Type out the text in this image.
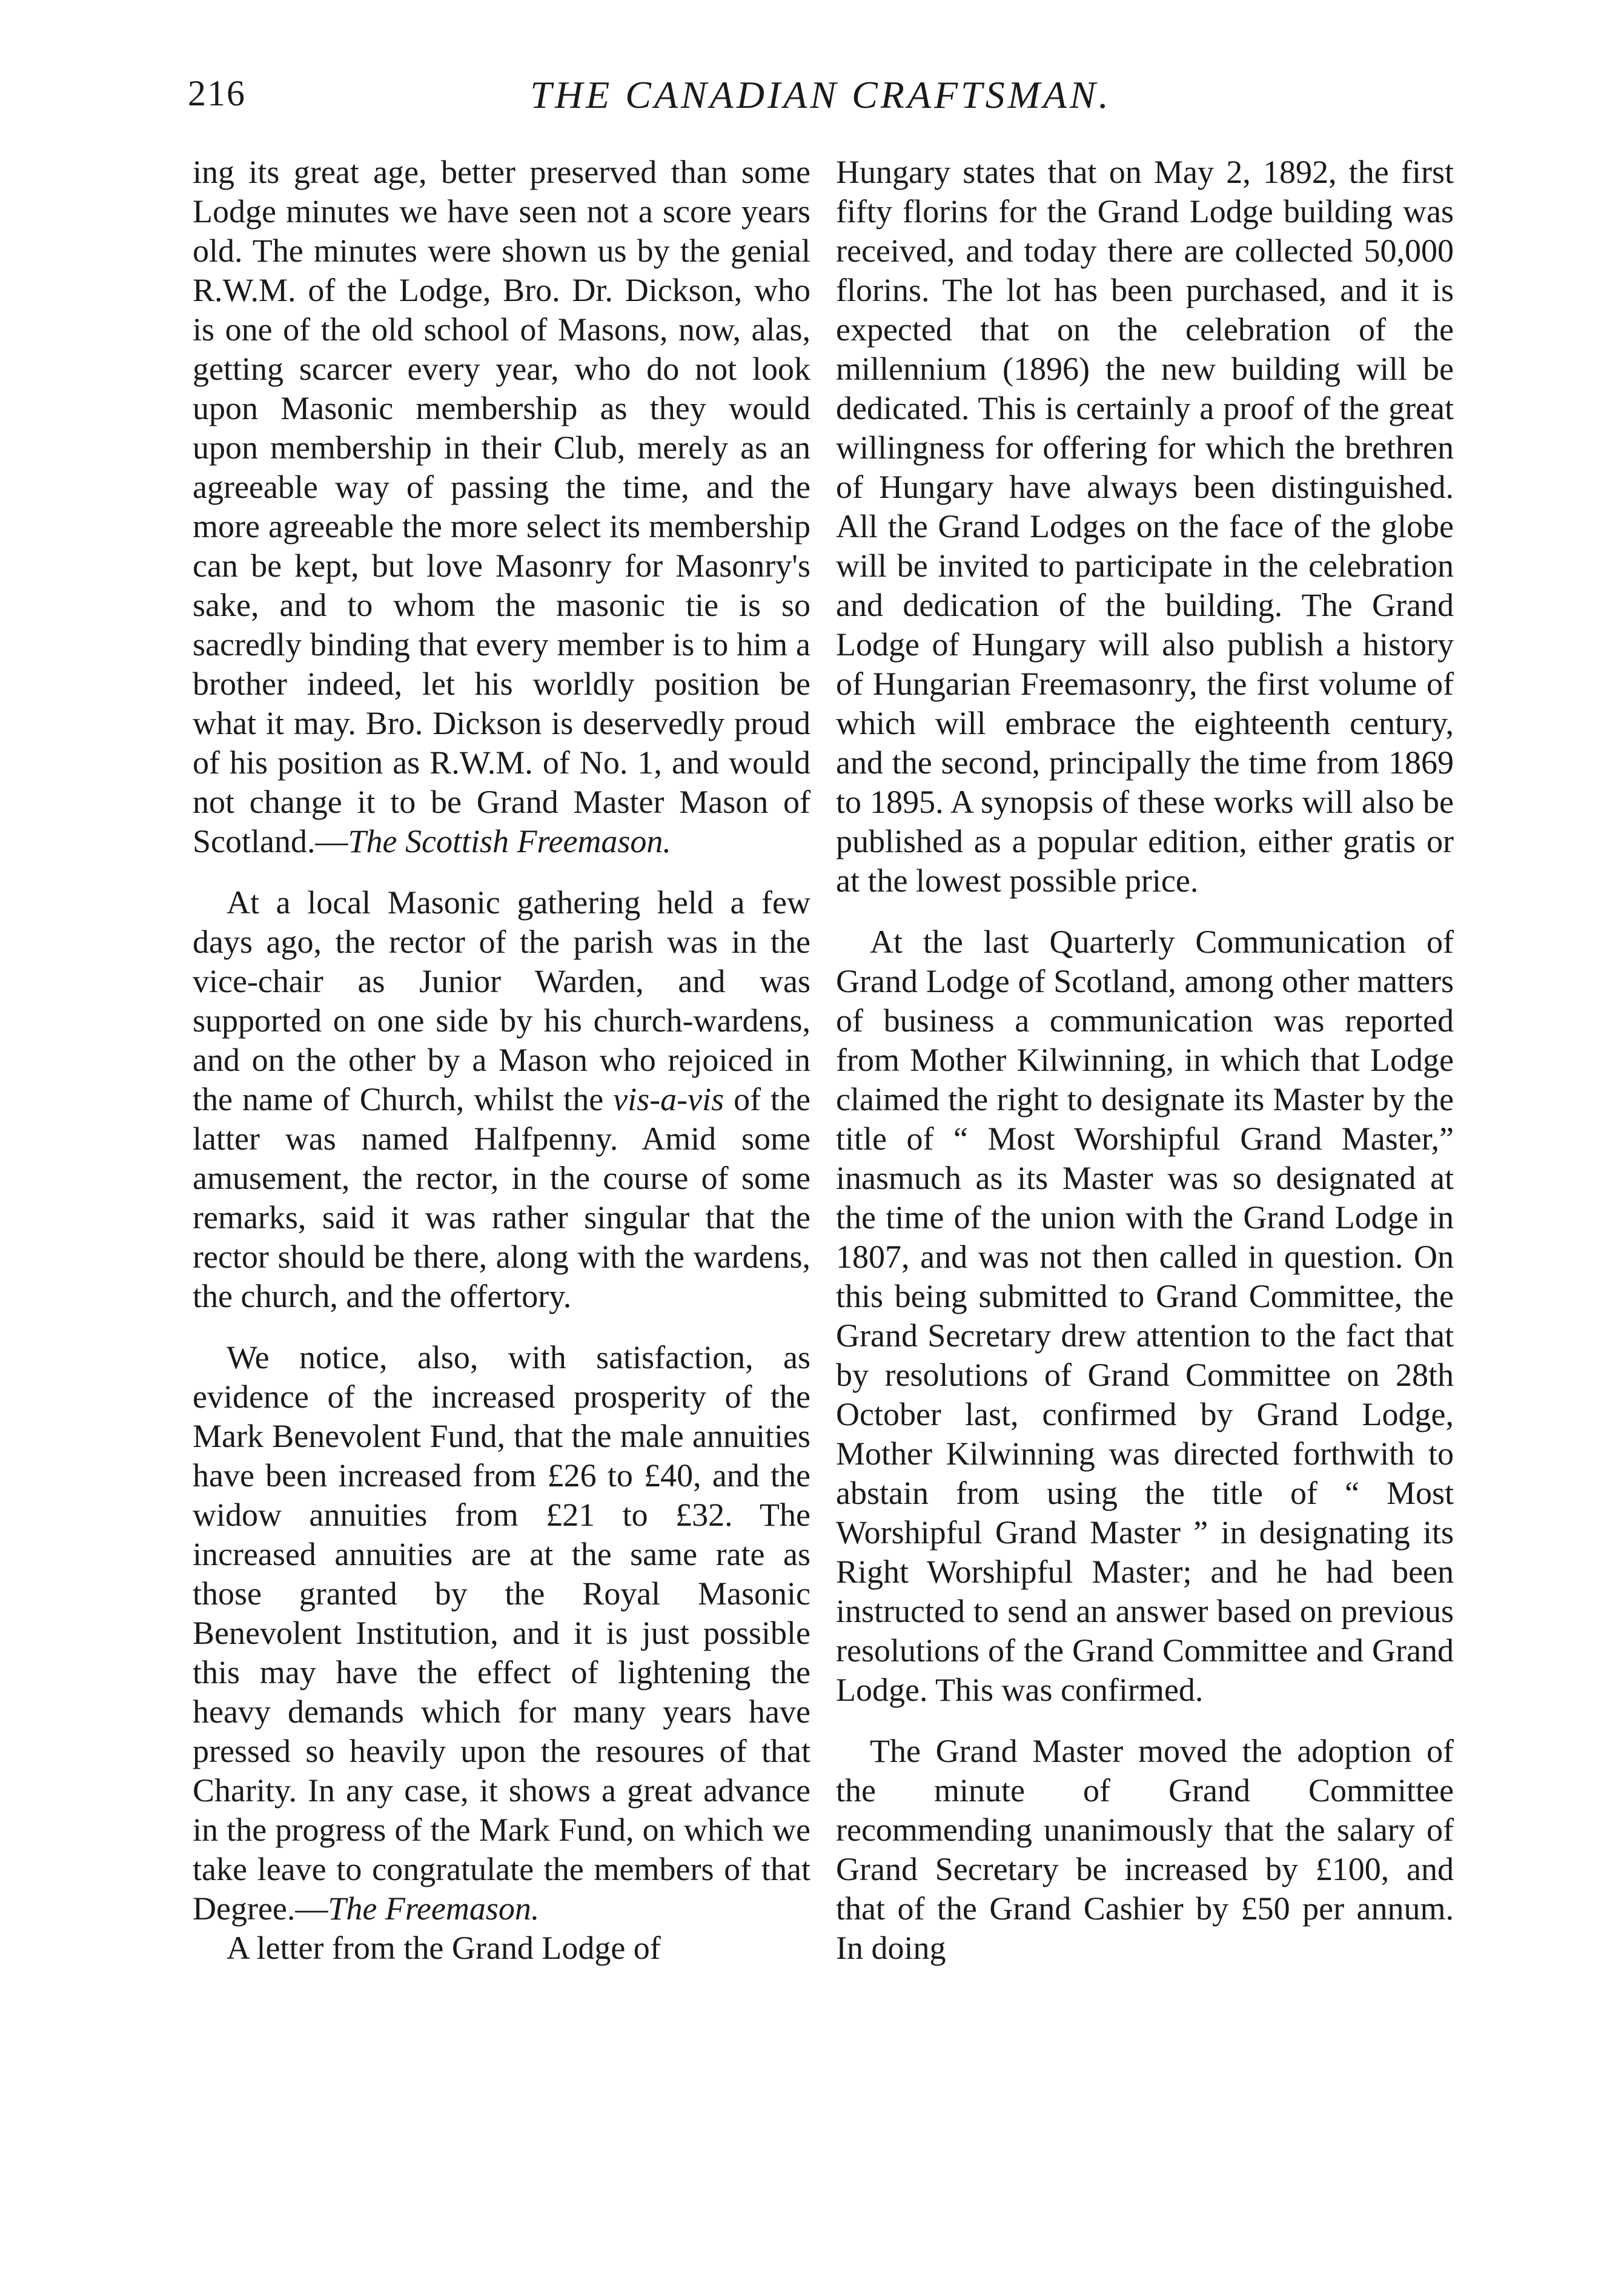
216	THE CANADIAN CRAFTSMAN.

ing its great age, better preserved than some Lodge minutes we have seen not a score years old. The minutes were shown us by the genial R.W.M. of the Lodge, Bro. Dr. Dickson, who is one of the old school of Masons, now, alas, getting scarcer every year, who do not look upon Masonic membership as they would upon membership in their Club, merely as an agreeable way of passing the time, and the more agreeable the more select its membership can be kept, but love Masonry for Masonry's sake, and to whom the masonic tie is so sacredly binding that every member is to him a brother indeed, let his worldly position be what it may. Bro. Dickson is deservedly proud of his position as R.W.M. of No. 1, and would not change it to be Grand Master Mason of Scotland.—The Scottish Freemason.

At a local Masonic gathering held a few days ago, the rector of the parish was in the vice-chair as Junior Warden, and was supported on one side by his church-wardens, and on the other by a Mason who rejoiced in the name of Church, whilst the vis-a-vis of the latter was named Halfpenny. Amid some amusement, the rector, in the course of some remarks, said it was rather singular that the rector should be there, along with the wardens, the church, and the offertory.

We notice, also, with satisfaction, as evidence of the increased prosperity of the Mark Benevolent Fund, that the male annuities have been increased from £26 to £40, and the widow annuities from £21 to £32. The increased annuities are at the same rate as those granted by the Royal Masonic Benevolent Institution, and it is just possible this may have the effect of lightening the heavy demands which for many years have pressed so heavily upon the resoures of that Charity. In any case, it shows a great advance in the progress of the Mark Fund, on which we take leave to congratulate the members of that Degree.—The Freemason.

A letter from the Grand Lodge of

Hungary states that on May 2, 1892, the first fifty florins for the Grand Lodge building was received, and today there are collected 50,000 florins. The lot has been purchased, and it is expected that on the celebration of the millennium (1896) the new building will be dedicated. This is certainly a proof of the great willingness for offering for which the brethren of Hungary have always been distinguished. All the Grand Lodges on the face of the globe will be invited to participate in the celebration and dedication of the building. The Grand Lodge of Hungary will also publish a history of Hungarian Freemasonry, the first volume of which will embrace the eighteenth century, and the second, principally the time from 1869 to 1895. A synopsis of these works will also be published as a popular edition, either gratis or at the lowest possible price.

At the last Quarterly Communication of Grand Lodge of Scotland, among other matters of business a communication was reported from Mother Kilwinning, in which that Lodge claimed the right to designate its Master by the title of “ Most Worshipful Grand Master,” inasmuch as its Master was so designated at the time of the union with the Grand Lodge in 1807, and was not then called in question. On this being submitted to Grand Committee, the Grand Secretary drew attention to the fact that by resolutions of Grand Committee on 28th October last, confirmed by Grand Lodge, Mother Kilwinning was directed forthwith to abstain from using the title of “ Most Worshipful Grand Master ” in designating its Right Worshipful Master; and he had been instructed to send an answer based on previous resolutions of the Grand Committee and Grand Lodge. This was confirmed.

The Grand Master moved the adoption of the minute of Grand Committee recommending unanimously that the salary of Grand Secretary be increased by £100, and that of the Grand Cashier by £50 per annum. In doing
